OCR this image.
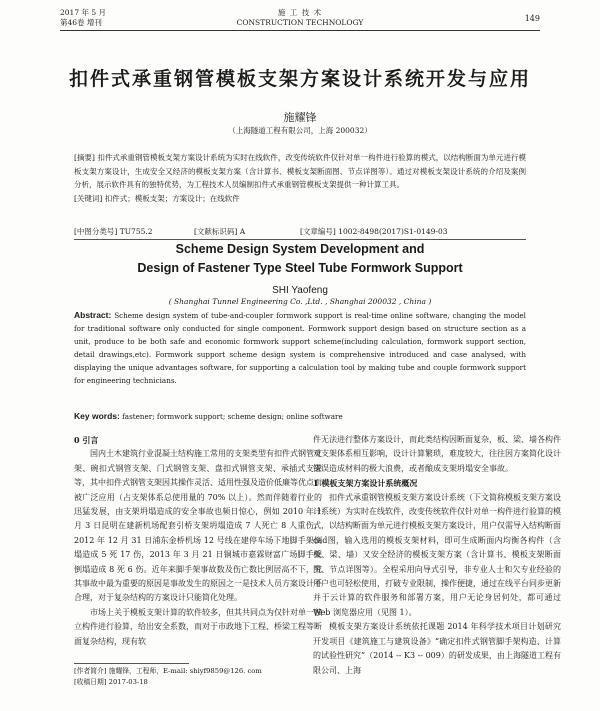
2017 年 5 月
第46卷 增刊
施 工 技 术
CONSTRUCTION TECHNOLOGY	149
扣件式承重钢管模板支架方案设计系统开发与应用
施耀锋
（上海隧道工程有限公司，上海 200032）

[摘要] 扣件式承重钢管模板支架方案设计系统为实时在线软件，改变传统软件仅针对单一构件进行验算的模式，以结构断面为单元进行模板支架方案设计，生成安全又经济的模板支架方案（含计算书、模板支架断面图、节点详图等）。通过对模板支架设计系统的介绍及案例分析，展示软件具有的独特优势，为工程技术人员编制扣件式承重钢管模板支架提供一种计算工具。

[关键词] 扣件式；模板支架；方案设计；在线软件

[中图分类号] TU755.2	[文献标识码] A	[文章编号] 1002-8498(2017)S1-0149-03
Scheme Design System Development and
Design of Fastener Type Steel Tube Formwork Support
SHI Yaofeng
( Shanghai Tunnel Engineering Co. ,Ltd. , Shanghai 200032 , China )
Abstract: Scheme design system of tube-and-coupler formwork support is real-time online software, changing the model for traditional software only conducted for single component. Formwork support design based on structure section as a unit, produce to be both safe and economic formwork support scheme(including calculation, formwork support section, detail drawings,etc). Formwork support scheme design system is comprehensive introduced and case analysed, with displaying the unique advantages software, for supporting a calculation tool by making tube and couple formwork support for engineering technicians.
Key words: fastener; formwork support; scheme design; online software
0 引言

国内土木建筑行业混凝土结构施工常用的支架类型有扣件式钢管支架、碗扣式钢管支架、门式钢管支架、盘扣式钢管支架、承插式支架等，其中扣件式钢管支架因其操作灵活、适用性强及造价低廉等优点而被广泛应用（占支架体系总使用量的 70% 以上）。然而伴随着行业的迅猛发展，由支架坍塌造成的安全事故也频日惊心，例如 2010 年 1 月 3 日昆明在建新机场配套引桥支架坍塌造成 7 人死亡 8 人重伤，2012 年 12 月 31 日浦东金桥机场 12 号线在建停车场下地脚手架倒塌造成 5 死 17 伤，2013 年 3 月 21 日铜城市嘉霖财富广场脚手架倒塌造成 8 死 6 伤。近年来脚手架事故数及伤亡数比例居高不下，究其事故中最为重要的原因是事故发生的原因之一是技术人员方案设计不合理，对于复杂结构的方案设计只能简化处理。

市场上关于模板支架计算的软件较多，但其共同点为仅针对单一独立构件进行验算，给出安全系数，而对于市政地下工程、桥梁工程等断面复杂结构，现有软

件无法进行整体方案设计，而此类结构因断面复杂，板、梁、墙各构件对支架体系相互影响，设计计算繁琐，难度较大，往往因方案简化设计错误造成材料的极大浪费，或者酿成支架坍塌安全事故。

1 模板支架方案设计系统概况

扣件式承重钢管模板支架方案设计系统（下文简称模板支架方案设计系统）为实时在线软件，改变传统软件仅针对单一构件进行验算的模式，以结构断面为单元进行模板支架方案设计，用户仅需导入结构断面cad图，输入选用的模板支架材料，即可生成断面内均衡各构件（含板、梁、墙）又安全经济的模板支架方案（含计算书、模板支架断面图、节点详图等）。全程采用向导式引导，非专业人士和欠专业经验的用户也可轻松使用，打破专业限制，操作便捷，通过在线平台同步更新并于云计算的软件服务和部署方案，用户无论身居何处，都可通过 Web 浏览器应用（见图 1）。

模板支架方案设计系统依托课题 2014 年科学技术项目计划研究开发项目《建筑施工与建筑设备》“确定扣件式钢管脚手架构造、计算的试验性研究”（2014 -- K3 -- 009）的研发成果，由上海隧道工程有限公司、上海

[作者简介] 施耀锋，工程师，E-mail: shiyf9859@126. com
[收稿日期] 2017-03-18
